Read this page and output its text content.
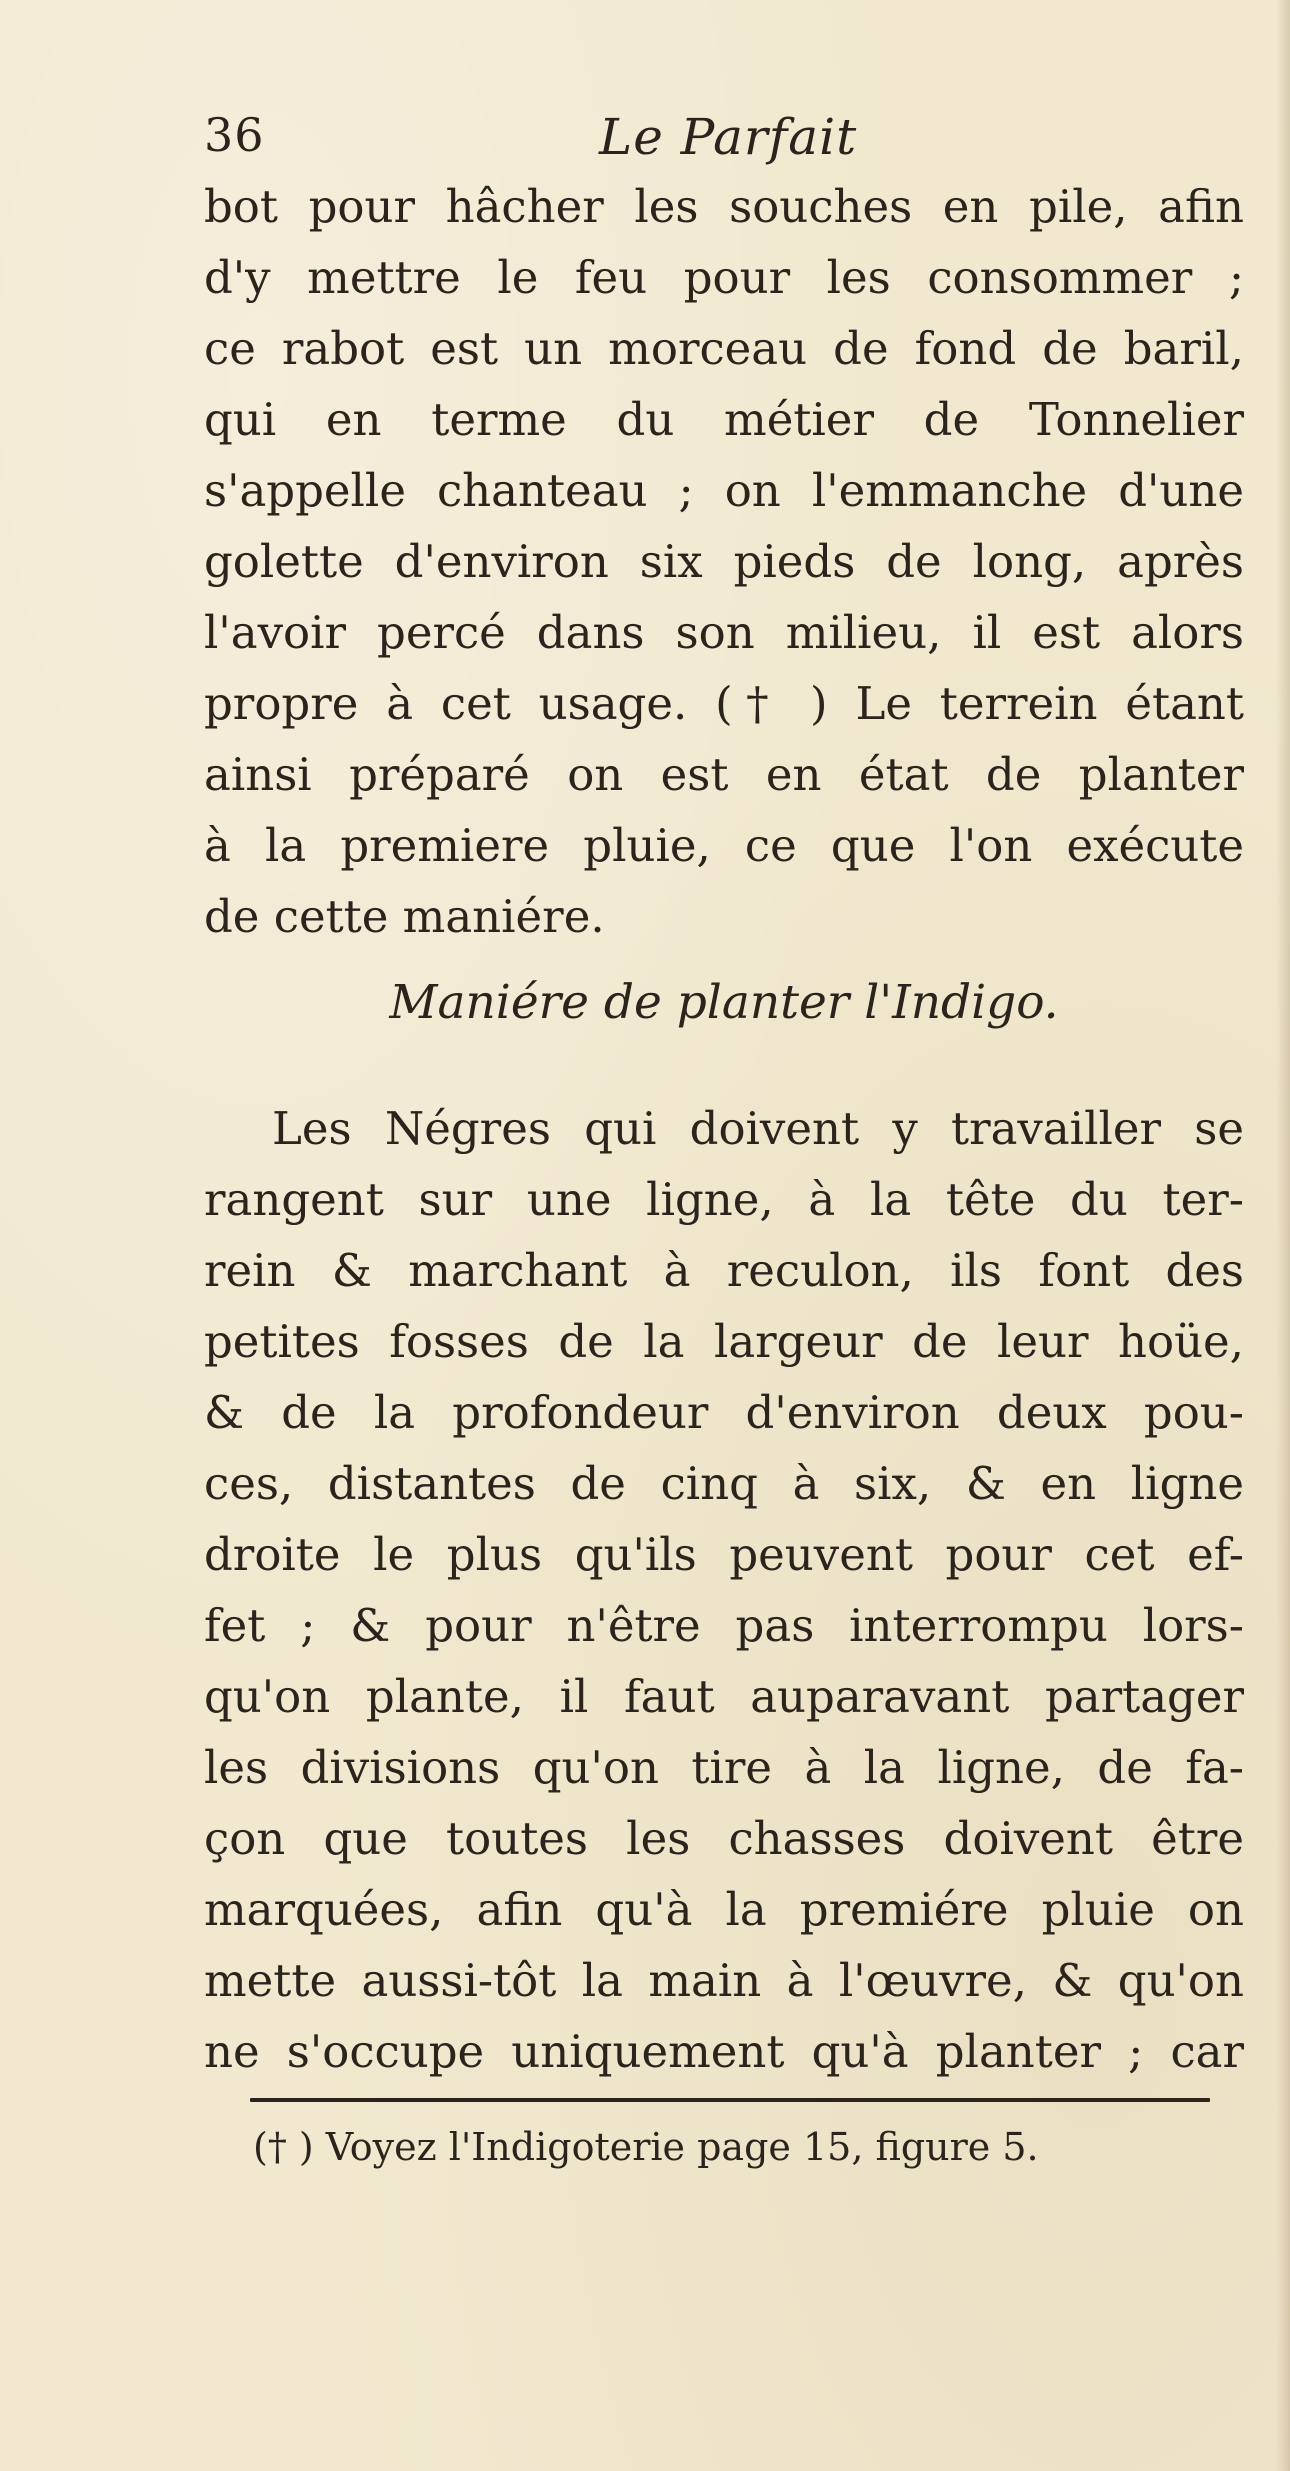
36	Le Parfait
bot pour hâcher les souches en pile, afin
d'y mettre le feu pour les consommer ;
ce rabot est un morceau de fond de baril,
qui en terme du métier de Tonnelier
s'appelle chanteau ; on l'emmanche d'une
golette d'environ six pieds de long, après
l'avoir percé dans son milieu, il est alors
propre à cet usage. († ) Le terrein étant
ainsi préparé on est en état de planter
à la premiere pluie, ce que l'on exécute
de cette maniére.
Maniére de planter l'Indigo.
Les Négres qui doivent y travailler se
rangent sur une ligne, à la tête du ter-
rein & marchant à reculon, ils font des
petites fosses de la largeur de leur hoüe,
& de la profondeur d'environ deux pou-
ces, distantes de cinq à six, & en ligne
droite le plus qu'ils peuvent pour cet ef-
fet ; & pour n'être pas interrompu lors-
qu'on plante, il faut auparavant partager
les divisions qu'on tire à la ligne, de fa-
çon que toutes les chasses doivent être
marquées, afin qu'à la premiére pluie on
mette aussi-tôt la main à l'œuvre, & qu'on
ne s'occupe uniquement qu'à planter ; car
(† ) Voyez l'Indigoterie page 15, figure 5.
